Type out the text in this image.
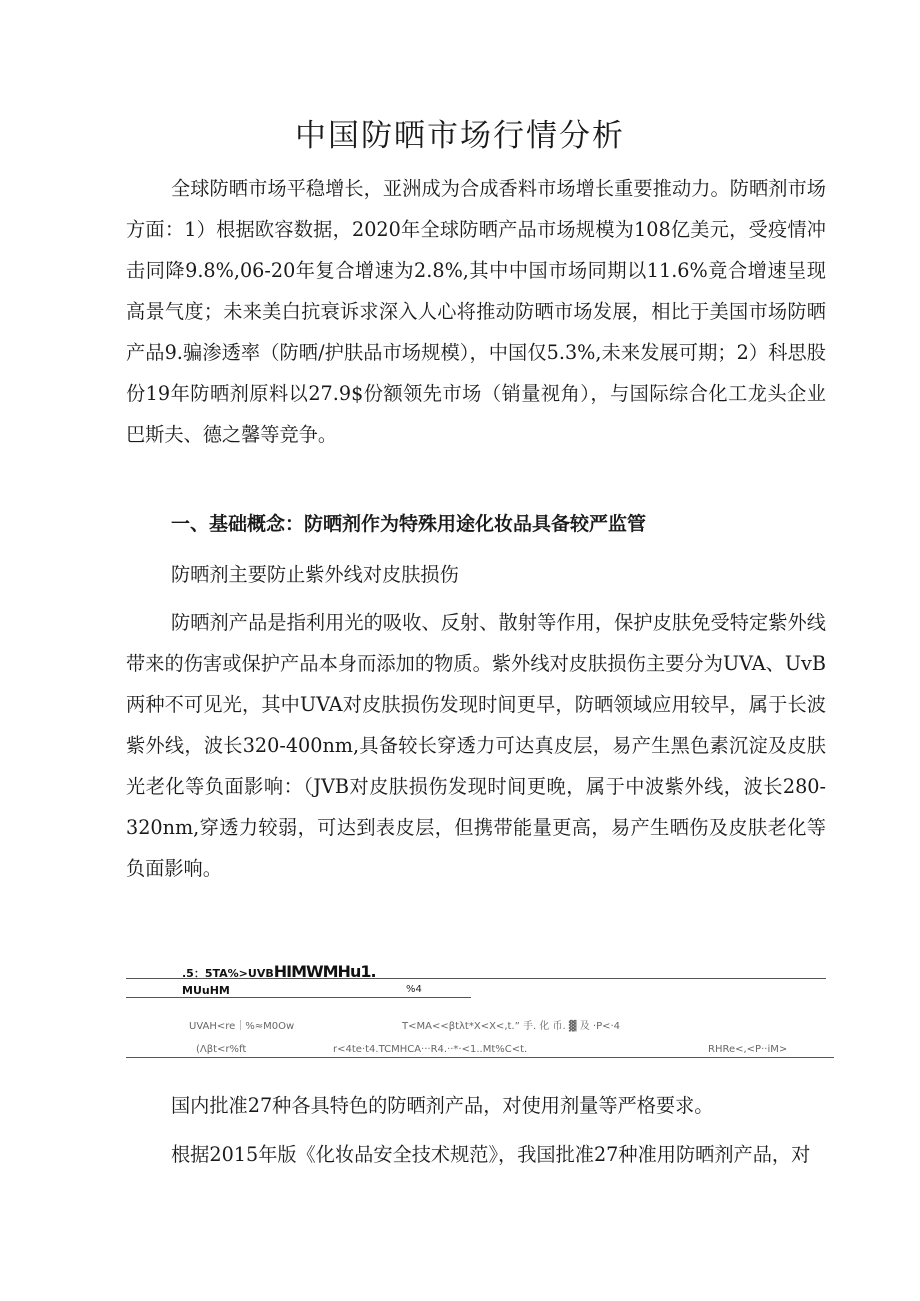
中国防晒市场行情分析

全球防晒市场平稳增长，亚洲成为合成香料市场增长重要推动力。防晒剂市场方面：1）根据欧容数据，2020年全球防晒产品市场规模为108亿美元，受疫情冲击同降9.8%,06-20年复合增速为2.8%,其中中国市场同期以11.6%竟合增速呈现高景气度；未来美白抗衰诉求深入人心将推动防晒市场发展，相比于美国市场防晒产品9.骗渗透率（防晒/护肤品市场规模），中国仅5.3%,未来发展可期；2）科思股份19年防晒剂原料以27.9$份额领先市场（销量视角），与国际综合化工龙头企业巴斯夫、德之馨等竞争。

一、基础概念：防晒剂作为特殊用途化妆品具备较严监管

防晒剂主要防止紫外线对皮肤损伤

防晒剂产品是指利用光的吸收、反射、散射等作用，保护皮肤免受特定紫外线带来的伤害或保护产品本身而添加的物质。紫外线对皮肤损伤主要分为UVA、UvB两种不可见光，其中UVA对皮肤损伤发现时间更早，防晒领域应用较早，属于长波紫外线，波长320-400nm,具备较长穿透力可达真皮层，易产生黑色素沉淀及皮肤光老化等负面影响：（JVB对皮肤损伤发现时间更晚，属于中波紫外线，波长280-320nm,穿透力较弱，可达到表皮层，但携带能量更高，易产生晒伤及皮肤老化等负面影响。

.5：5TA%>UVBHIMWMHu1.
MUuHM	%4
UVAH<re｜%≈M0Ow	T<MA<<βtλt*X<X<,t.” 手. 化 币. ▓ 及 ·P<·4
(Λβt<r%ft	r<4te·t4.TCMHCA···R4.··*·<1..Mt%C<t.	RHRe<,<P··iM>

国内批准27种各具特色的防晒剂产品，对使用剂量等严格要求。

根据2015年版《化妆品安全技术规范》，我国批准27种准用防晒剂产品，对
